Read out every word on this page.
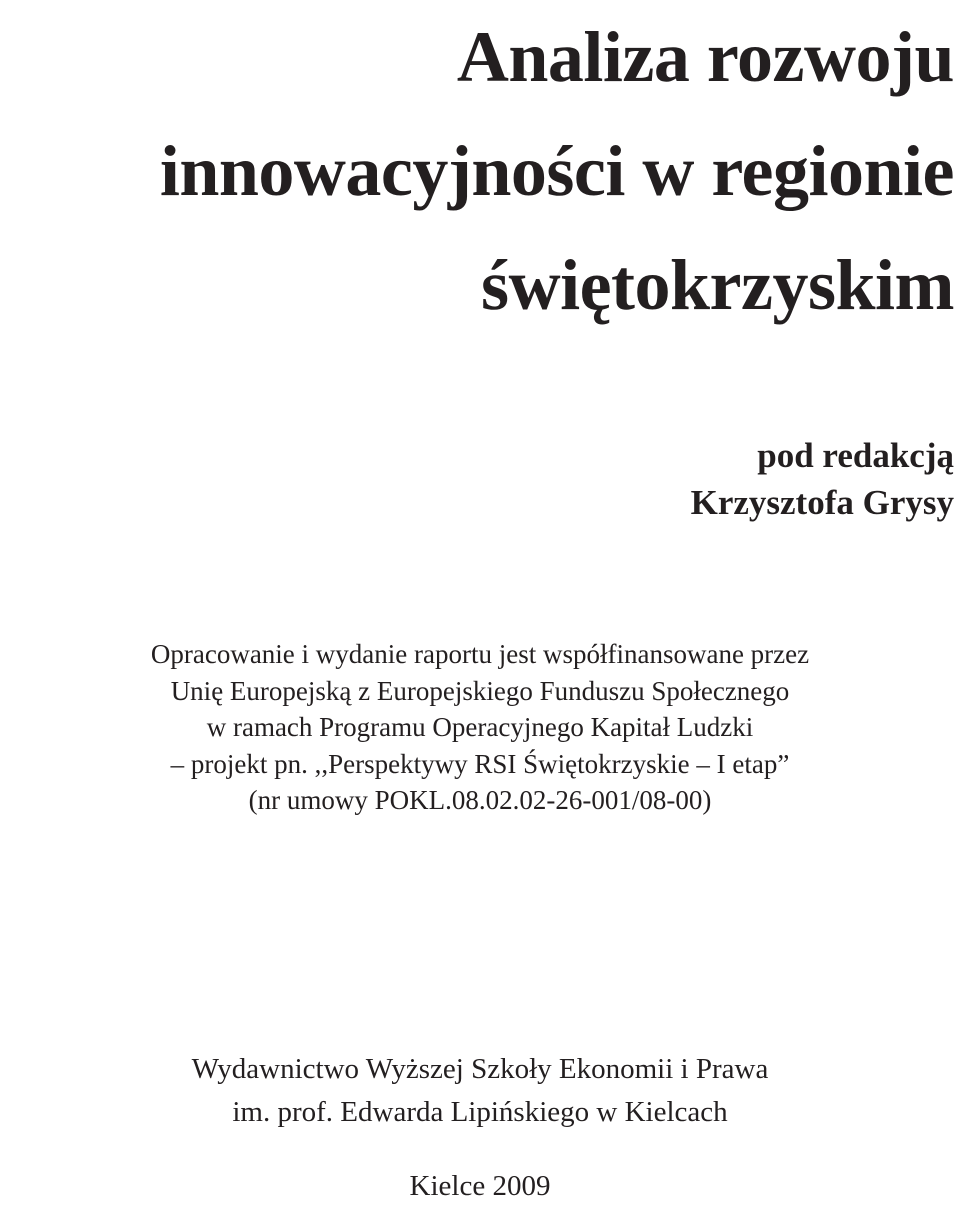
Analiza rozwoju
innowacyjności w regionie
świętokrzyskim
pod redakcją
Krzysztofa Grysy
Opracowanie i wydanie raportu jest współfinansowane przez
Unię Europejską z Europejskiego Funduszu Społecznego
w ramach Programu Operacyjnego Kapitał Ludzki
– projekt pn. ,,Perspektywy RSI Świętokrzyskie – I etap”
(nr umowy POKL.08.02.02-26-001/08-00)
Wydawnictwo Wyższej Szkoły Ekonomii i Prawa
im. prof. Edwarda Lipińskiego w Kielcach
Kielce 2009
